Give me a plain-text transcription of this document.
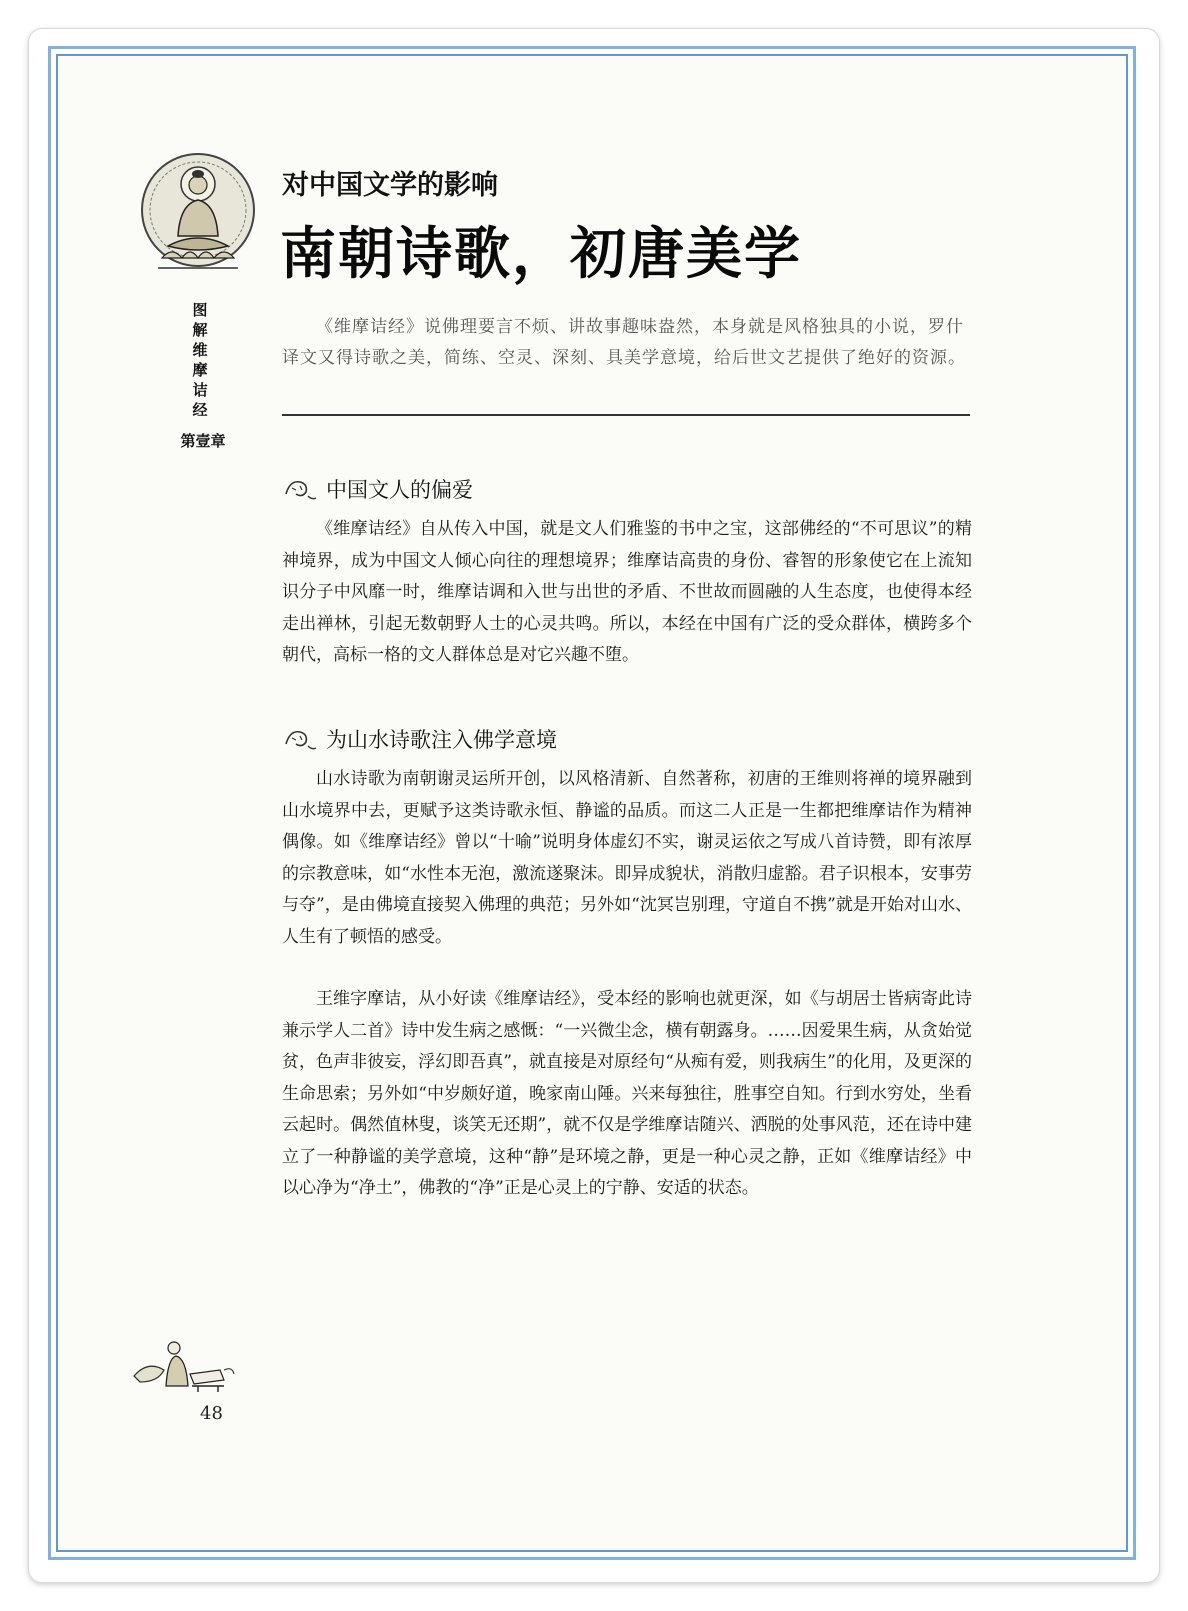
图
解
维
摩
诘
经
第壹章
对中国文学的影响
南朝诗歌，初唐美学
《维摩诘经》说佛理要言不烦、讲故事趣味盎然，本身就是风格独具的小说，罗什译文又得诗歌之美，简练、空灵、深刻、具美学意境，给后世文艺提供了绝好的资源。
中国文人的偏爱
《维摩诘经》自从传入中国，就是文人们雅鉴的书中之宝，这部佛经的“不可思议”的精神境界，成为中国文人倾心向往的理想境界；维摩诘高贵的身份、睿智的形象使它在上流知识分子中风靡一时，维摩诘调和入世与出世的矛盾、不世故而圆融的人生态度，也使得本经走出禅林，引起无数朝野人士的心灵共鸣。所以，本经在中国有广泛的受众群体，横跨多个朝代，高标一格的文人群体总是对它兴趣不堕。
为山水诗歌注入佛学意境
山水诗歌为南朝谢灵运所开创，以风格清新、自然著称，初唐的王维则将禅的境界融到山水境界中去，更赋予这类诗歌永恒、静谧的品质。而这二人正是一生都把维摩诘作为精神偶像。如《维摩诘经》曾以“十喻”说明身体虚幻不实，谢灵运依之写成八首诗赞，即有浓厚的宗教意味，如“水性本无泡，激流遂聚沫。即异成貌状，消散归虚豁。君子识根本，安事劳与夺”，是由佛境直接契入佛理的典范；另外如“沈冥岂别理，守道自不携”就是开始对山水、人生有了顿悟的感受。
王维字摩诘，从小好读《维摩诘经》，受本经的影响也就更深，如《与胡居士皆病寄此诗兼示学人二首》诗中发生病之感慨：“一兴微尘念，横有朝露身。……因爱果生病，从贪始觉贫，色声非彼妄，浮幻即吾真”，就直接是对原经句“从痴有爱，则我病生”的化用，及更深的生命思索；另外如“中岁颇好道，晚家南山陲。兴来每独往，胜事空自知。行到水穷处，坐看云起时。偶然值林叟，谈笑无还期”，就不仅是学维摩诘随兴、洒脱的处事风范，还在诗中建立了一种静谧的美学意境，这种“静”是环境之静，更是一种心灵之静，正如《维摩诘经》中以心净为“净土”，佛教的“净”正是心灵上的宁静、安适的状态。
48
